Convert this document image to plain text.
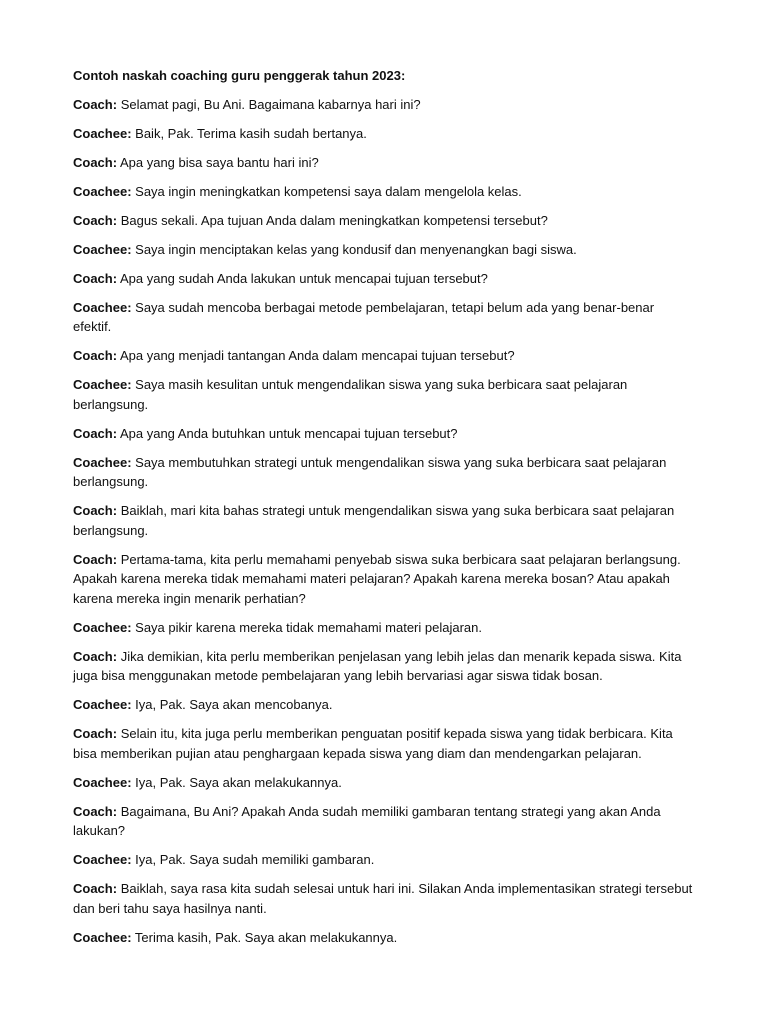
Contoh naskah coaching guru penggerak tahun 2023:

Coach: Selamat pagi, Bu Ani. Bagaimana kabarnya hari ini?

Coachee: Baik, Pak. Terima kasih sudah bertanya.

Coach: Apa yang bisa saya bantu hari ini?

Coachee: Saya ingin meningkatkan kompetensi saya dalam mengelola kelas.

Coach: Bagus sekali. Apa tujuan Anda dalam meningkatkan kompetensi tersebut?

Coachee: Saya ingin menciptakan kelas yang kondusif dan menyenangkan bagi siswa.

Coach: Apa yang sudah Anda lakukan untuk mencapai tujuan tersebut?

Coachee: Saya sudah mencoba berbagai metode pembelajaran, tetapi belum ada yang benar-benar efektif.

Coach: Apa yang menjadi tantangan Anda dalam mencapai tujuan tersebut?

Coachee: Saya masih kesulitan untuk mengendalikan siswa yang suka berbicara saat pelajaran berlangsung.

Coach: Apa yang Anda butuhkan untuk mencapai tujuan tersebut?

Coachee: Saya membutuhkan strategi untuk mengendalikan siswa yang suka berbicara saat pelajaran berlangsung.

Coach: Baiklah, mari kita bahas strategi untuk mengendalikan siswa yang suka berbicara saat pelajaran berlangsung.

Coach: Pertama-tama, kita perlu memahami penyebab siswa suka berbicara saat pelajaran berlangsung. Apakah karena mereka tidak memahami materi pelajaran? Apakah karena mereka bosan? Atau apakah karena mereka ingin menarik perhatian?

Coachee: Saya pikir karena mereka tidak memahami materi pelajaran.

Coach: Jika demikian, kita perlu memberikan penjelasan yang lebih jelas dan menarik kepada siswa. Kita juga bisa menggunakan metode pembelajaran yang lebih bervariasi agar siswa tidak bosan.

Coachee: Iya, Pak. Saya akan mencobanya.

Coach: Selain itu, kita juga perlu memberikan penguatan positif kepada siswa yang tidak berbicara. Kita bisa memberikan pujian atau penghargaan kepada siswa yang diam dan mendengarkan pelajaran.

Coachee: Iya, Pak. Saya akan melakukannya.

Coach: Bagaimana, Bu Ani? Apakah Anda sudah memiliki gambaran tentang strategi yang akan Anda lakukan?

Coachee: Iya, Pak. Saya sudah memiliki gambaran.

Coach: Baiklah, saya rasa kita sudah selesai untuk hari ini. Silakan Anda implementasikan strategi tersebut dan beri tahu saya hasilnya nanti.

Coachee: Terima kasih, Pak. Saya akan melakukannya.
